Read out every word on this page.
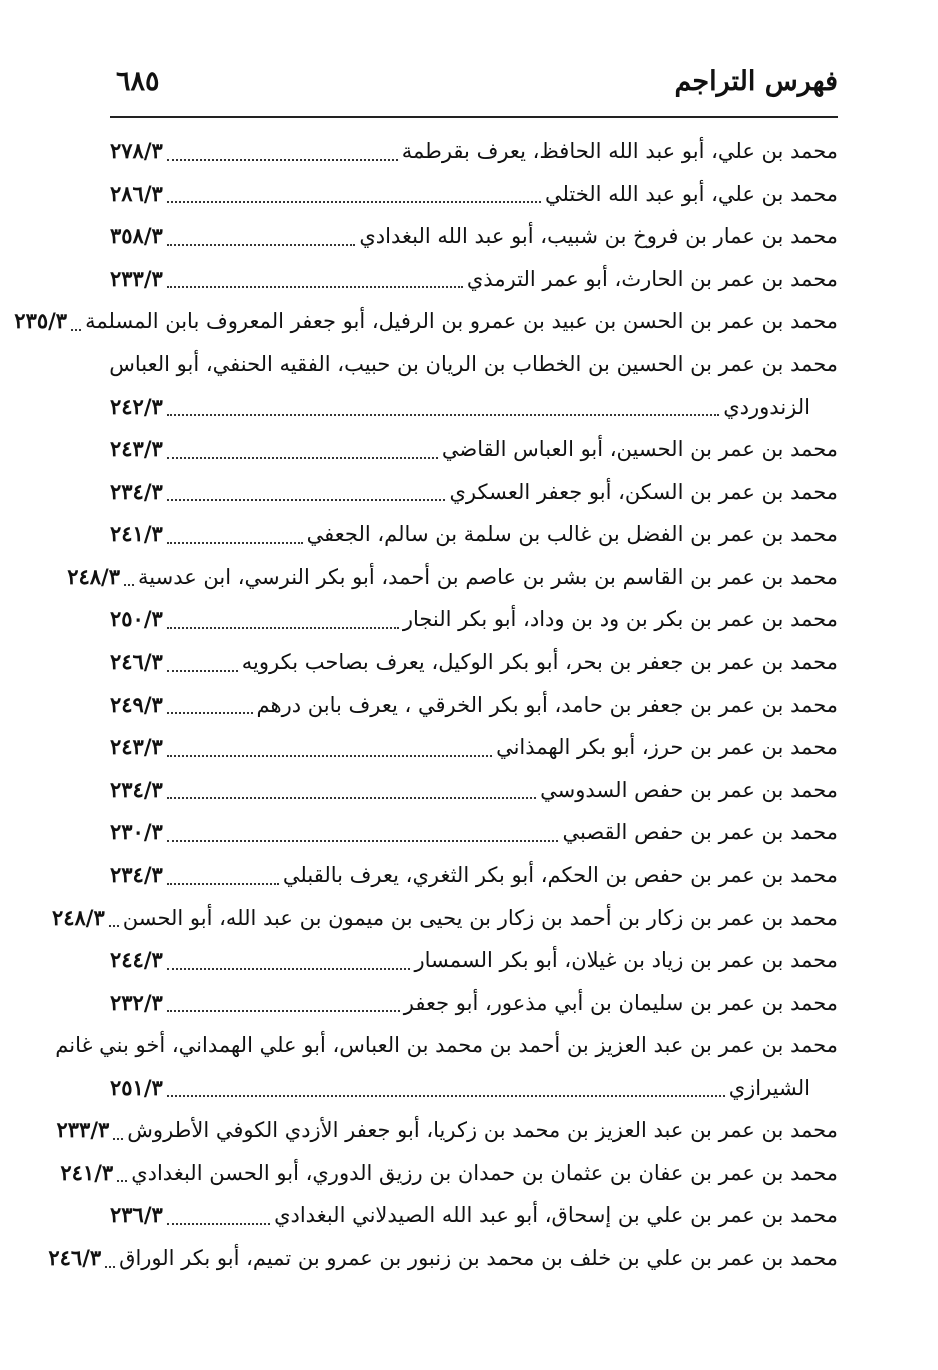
فهرس التراجم
٦٨٥
محمد بن علي، أبو عبد الله الحافظ، يعرف بقرطمة
٢٧٨/٣
محمد بن علي، أبو عبد الله الختلي
٢٨٦/٣
محمد بن عمار بن فروخ بن شبيب، أبو عبد الله البغدادي
٣٥٨/٣
محمد بن عمر بن الحارث، أبو عمر الترمذي
٢٣٣/٣
محمد بن عمر بن الحسن بن عبيد بن عمرو بن الرفيل، أبو جعفر المعروف بابن المسلمة
٢٣٥/٣
محمد بن عمر بن الحسين بن الخطاب بن الريان بن حبيب، الفقيه الحنفي، أبو العباس
الزندوردي
٢٤٢/٣
محمد بن عمر بن الحسين، أبو العباس القاضي
٢٤٣/٣
محمد بن عمر بن السكن، أبو جعفر العسكري
٢٣٤/٣
محمد بن عمر بن الفضل بن غالب بن سلمة بن سالم، الجعفي
٢٤١/٣
محمد بن عمر بن القاسم بن بشر بن عاصم بن أحمد، أبو بكر النرسي، ابن عدسية
٢٤٨/٣
محمد بن عمر بن بكر بن ود بن وداد، أبو بكر النجار
٢٥٠/٣
محمد بن عمر بن جعفر بن بحر، أبو بكر الوكيل، يعرف بصاحب بكرويه
٢٤٦/٣
محمد بن عمر بن جعفر بن حامد، أبو بكر الخرقي ، يعرف بابن درهم
٢٤٩/٣
محمد بن عمر بن حرز، أبو بكر الهمذاني
٢٤٣/٣
محمد بن عمر بن حفص السدوسي
٢٣٤/٣
محمد بن عمر بن حفص القصبي
٢٣٠/٣
محمد بن عمر بن حفص بن الحكم، أبو بكر الثغري، يعرف بالقبلي
٢٣٤/٣
محمد بن عمر بن زكار بن أحمد بن زكار بن يحيى بن ميمون بن عبد الله، أبو الحسن
٢٤٨/٣
محمد بن عمر بن زياد بن غيلان، أبو بكر السمسار
٢٤٤/٣
محمد بن عمر بن سليمان بن أبي مذعور، أبو جعفر
٢٣٢/٣
محمد بن عمر بن عبد العزيز بن أحمد بن محمد بن العباس، أبو علي الهمداني، أخو بني غانم
الشيرازي
٢٥١/٣
محمد بن عمر بن عبد العزيز بن محمد بن زكريا، أبو جعفر الأزدي الكوفي الأطروش
٢٣٣/٣
محمد بن عمر بن عفان بن عثمان بن حمدان بن رزيق الدوري، أبو الحسن البغدادي
٢٤١/٣
محمد بن عمر بن علي بن إسحاق، أبو عبد الله الصيدلاني البغدادي
٢٣٦/٣
محمد بن عمر بن علي بن خلف بن محمد بن زنبور بن عمرو بن تميم، أبو بكر الوراق
٢٤٦/٣
